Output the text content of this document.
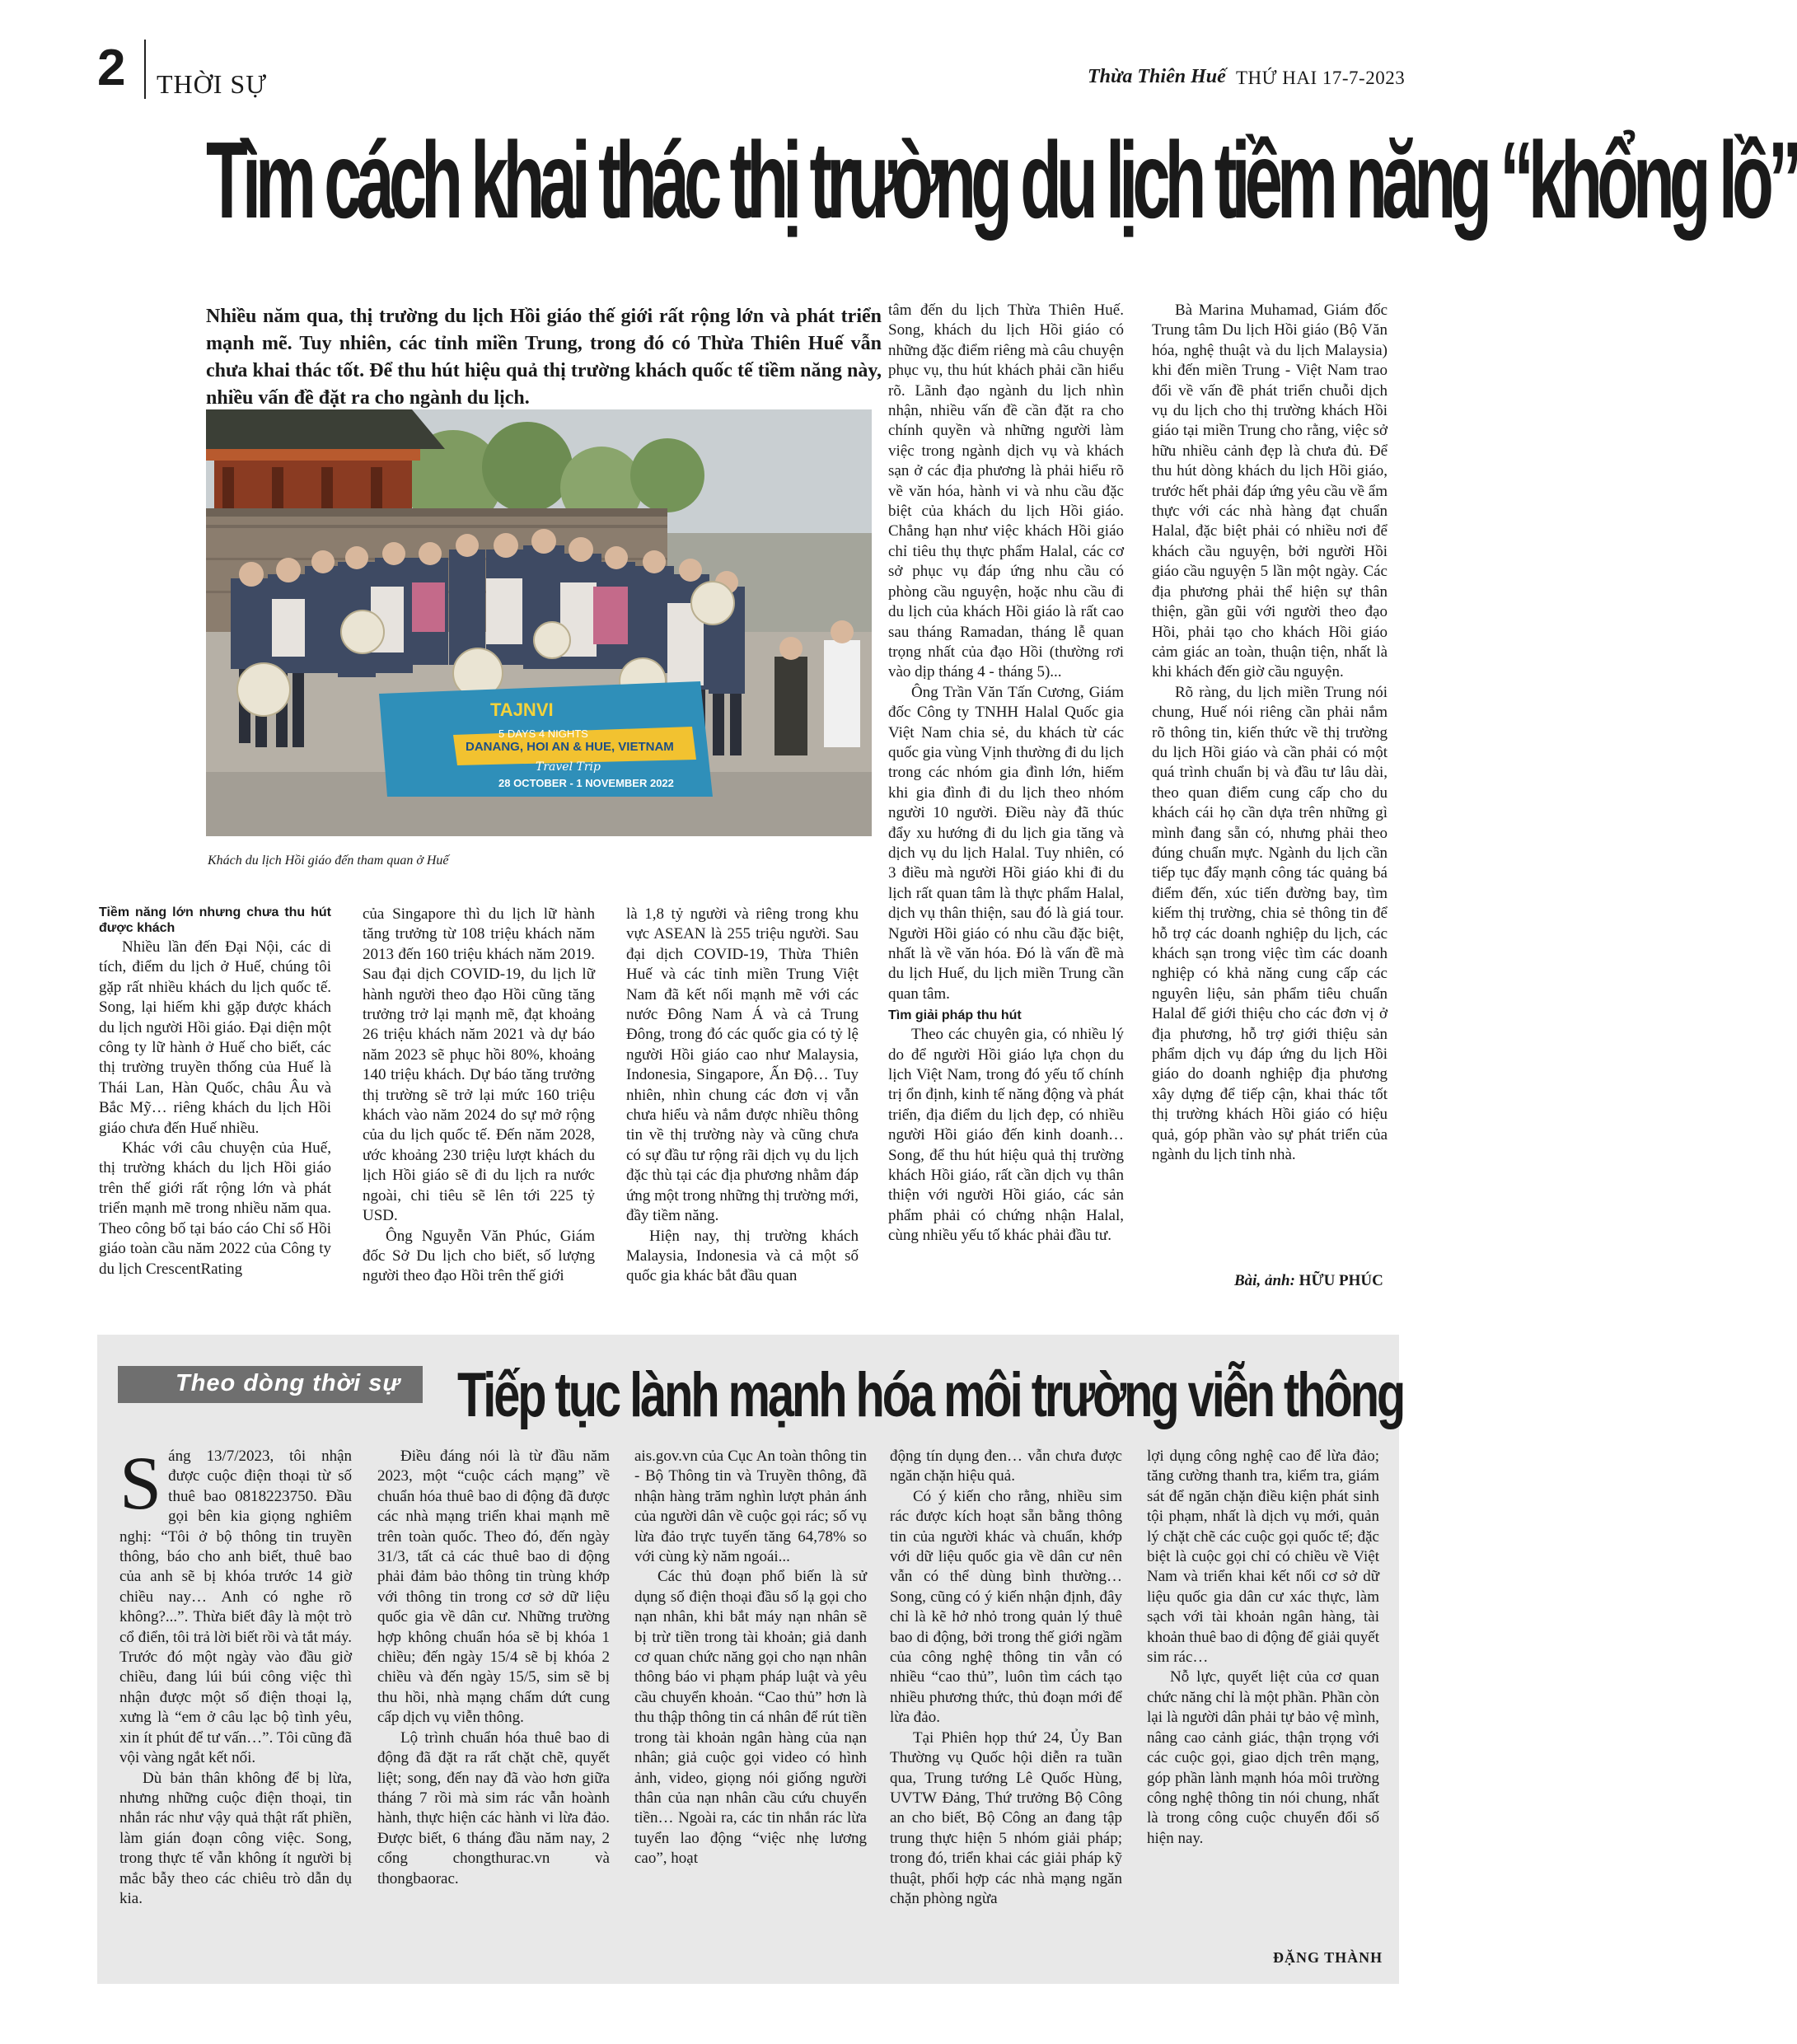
2 THỜI SỰ	Thừa Thiên Huế THỨ HAI 17-7-2023
Tìm cách khai thác thị trường du lịch tiềm năng “khổng lồ”
Nhiều năm qua, thị trường du lịch Hồi giáo thế giới rất rộng lớn và phát triển mạnh mẽ. Tuy nhiên, các tỉnh miền Trung, trong đó có Thừa Thiên Huế vẫn chưa khai thác tốt. Để thu hút hiệu quả thị trường khách quốc tế tiềm năng này, nhiều vấn đề đặt ra cho ngành du lịch.
TAJNVI
5 DAYS 4 NIGHTS
DANANG, HOI AN & HUE, VIETNAM
Travel Trip
28 OCTOBER - 1 NOVEMBER 2022
Khách du lịch Hồi giáo đến tham quan ở Huế
Tiềm năng lớn nhưng chưa thu hút được khách

Nhiều lần đến Đại Nội, các di tích, điểm du lịch ở Huế, chúng tôi gặp rất nhiều khách du lịch quốc tế. Song, lại hiếm khi gặp được khách du lịch người Hồi giáo. Đại diện một công ty lữ hành ở Huế cho biết, các thị trường truyền thống của Huế là Thái Lan, Hàn Quốc, châu Âu và Bắc Mỹ… riêng khách du lịch Hồi giáo chưa đến Huế nhiều.

Khác với câu chuyện của Huế, thị trường khách du lịch Hồi giáo trên thế giới rất rộng lớn và phát triển mạnh mẽ trong nhiều năm qua. Theo công bố tại báo cáo Chỉ số Hồi giáo toàn cầu năm 2022 của Công ty du lịch CrescentRating

của Singapore thì du lịch lữ hành tăng trưởng từ 108 triệu khách năm 2013 đến 160 triệu khách năm 2019. Sau đại dịch COVID-19, du lịch lữ hành người theo đạo Hồi cũng tăng trưởng trở lại mạnh mẽ, đạt khoảng 26 triệu khách năm 2021 và dự báo năm 2023 sẽ phục hồi 80%, khoảng 140 triệu khách. Dự báo tăng trưởng thị trường sẽ trở lại mức 160 triệu khách vào năm 2024 do sự mở rộng của du lịch quốc tế. Đến năm 2028, ước khoảng 230 triệu lượt khách du lịch Hồi giáo sẽ đi du lịch ra nước ngoài, chi tiêu sẽ lên tới 225 tỷ USD.

Ông Nguyễn Văn Phúc, Giám đốc Sở Du lịch cho biết, số lượng người theo đạo Hồi trên thế giới

là 1,8 tỷ người và riêng trong khu vực ASEAN là 255 triệu người. Sau đại dịch COVID-19, Thừa Thiên Huế và các tỉnh miền Trung Việt Nam đã kết nối mạnh mẽ với các nước Đông Nam Á và cả Trung Đông, trong đó các quốc gia có tỷ lệ người Hồi giáo cao như Malaysia, Indonesia, Singapore, Ấn Độ… Tuy nhiên, nhìn chung các đơn vị vẫn chưa hiểu và nắm được nhiều thông tin về thị trường này và cũng chưa có sự đầu tư rộng rãi dịch vụ du lịch đặc thù tại các địa phương nhằm đáp ứng một trong những thị trường mới, đầy tiềm năng.

Hiện nay, thị trường khách Malaysia, Indonesia và cả một số quốc gia khác bắt đầu quan

tâm đến du lịch Thừa Thiên Huế. Song, khách du lịch Hồi giáo có những đặc điểm riêng mà câu chuyện phục vụ, thu hút khách phải cần hiểu rõ. Lãnh đạo ngành du lịch nhìn nhận, nhiều vấn đề cần đặt ra cho chính quyền và những người làm việc trong ngành dịch vụ và khách sạn ở các địa phương là phải hiểu rõ về văn hóa, hành vi và nhu cầu đặc biệt của khách du lịch Hồi giáo. Chẳng hạn như việc khách Hồi giáo chỉ tiêu thụ thực phẩm Halal, các cơ sở phục vụ đáp ứng nhu cầu có phòng cầu nguyện, hoặc nhu cầu đi du lịch của khách Hồi giáo là rất cao sau tháng Ramadan, tháng lễ quan trọng nhất của đạo Hồi (thường rơi vào dịp tháng 4 - tháng 5)...

Ông Trần Văn Tấn Cương, Giám đốc Công ty TNHH Halal Quốc gia Việt Nam chia sẻ, du khách từ các quốc gia vùng Vịnh thường đi du lịch trong các nhóm gia đình lớn, hiếm khi gia đình đi du lịch theo nhóm người 10 người. Điều này đã thúc đẩy xu hướng đi du lịch gia tăng và dịch vụ du lịch Halal. Tuy nhiên, có 3 điều mà người Hồi giáo khi đi du lịch rất quan tâm là thực phẩm Halal, dịch vụ thân thiện, sau đó là giá tour. Người Hồi giáo có nhu cầu đặc biệt, nhất là về văn hóa. Đó là vấn đề mà du lịch Huế, du lịch miền Trung cần quan tâm.

Tìm giải pháp thu hút

Theo các chuyên gia, có nhiều lý do để người Hồi giáo lựa chọn du lịch Việt Nam, trong đó yếu tố chính trị ổn định, kinh tế năng động và phát triển, địa điểm du lịch đẹp, có nhiều người Hồi giáo đến kinh doanh… Song, để thu hút hiệu quả thị trường khách Hồi giáo, rất cần dịch vụ thân thiện với người Hồi giáo, các sản phẩm phải có chứng nhận Halal, cùng nhiều yếu tố khác phải đầu tư.

Bà Marina Muhamad, Giám đốc Trung tâm Du lịch Hồi giáo (Bộ Văn hóa, nghệ thuật và du lịch Malaysia) khi đến miền Trung - Việt Nam trao đổi về vấn đề phát triển chuỗi dịch vụ du lịch cho thị trường khách Hồi giáo tại miền Trung cho rằng, việc sở hữu nhiều cảnh đẹp là chưa đủ. Để thu hút dòng khách du lịch Hồi giáo, trước hết phải đáp ứng yêu cầu về ẩm thực với các nhà hàng đạt chuẩn Halal, đặc biệt phải có nhiều nơi để khách cầu nguyện, bởi người Hồi giáo cầu nguyện 5 lần một ngày. Các địa phương phải thể hiện sự thân thiện, gần gũi với người theo đạo Hồi, phải tạo cho khách Hồi giáo cảm giác an toàn, thuận tiện, nhất là khi khách đến giờ cầu nguyện.

Rõ ràng, du lịch miền Trung nói chung, Huế nói riêng cần phải nắm rõ thông tin, kiến thức về thị trường du lịch Hồi giáo và cần phải có một quá trình chuẩn bị và đầu tư lâu dài, theo quan điểm cung cấp cho du khách cái họ cần dựa trên những gì mình đang sẵn có, nhưng phải theo đúng chuẩn mực. Ngành du lịch cần tiếp tục đẩy mạnh công tác quảng bá điểm đến, xúc tiến đường bay, tìm kiếm thị trường, chia sẻ thông tin để hỗ trợ các doanh nghiệp du lịch, các khách sạn trong việc tìm các doanh nghiệp có khả năng cung cấp các nguyên liệu, sản phẩm tiêu chuẩn Halal để giới thiệu cho các đơn vị ở địa phương, hỗ trợ giới thiệu sản phẩm dịch vụ đáp ứng du lịch Hồi giáo do doanh nghiệp địa phương xây dựng để tiếp cận, khai thác tốt thị trường khách Hồi giáo có hiệu quả, góp phần vào sự phát triển của ngành du lịch tỉnh nhà.

Bài, ảnh: HỮU PHÚC
Theo dòng thời sự Tiếp tục lành mạnh hóa môi trường viễn thông

Sáng 13/7/2023, tôi nhận được cuộc điện thoại từ số thuê bao 0818223750. Đầu gọi bên kia giọng nghiêm nghị: “Tôi ở bộ thông tin truyền thông, báo cho anh biết, thuê bao của anh sẽ bị khóa trước 14 giờ chiều nay… Anh có nghe rõ không?...”. Thừa biết đây là một trò cổ điển, tôi trả lời biết rồi và tắt máy. Trước đó một ngày vào đầu giờ chiều, đang lúi búi công việc thì nhận được một số điện thoại lạ, xưng là “em ở câu lạc bộ tình yêu, xin ít phút để tư vấn…”. Tôi cũng đã vội vàng ngắt kết nối.

Dù bản thân không để bị lừa, nhưng những cuộc điện thoại, tin nhắn rác như vậy quả thật rất phiền, làm gián đoạn công việc. Song, trong thực tế vẫn không ít người bị mắc bẫy theo các chiêu trò dẫn dụ kia.

Điều đáng nói là từ đầu năm 2023, một “cuộc cách mạng” về chuẩn hóa thuê bao di động đã được các nhà mạng triển khai mạnh mẽ trên toàn quốc. Theo đó, đến ngày 31/3, tất cả các thuê bao di động phải đảm bảo thông tin trùng khớp với thông tin trong cơ sở dữ liệu quốc gia về dân cư. Những trường hợp không chuẩn hóa sẽ bị khóa 1 chiều; đến ngày 15/4 sẽ bị khóa 2 chiều và đến ngày 15/5, sim sẽ bị thu hồi, nhà mạng chấm dứt cung cấp dịch vụ viễn thông.

Lộ trình chuẩn hóa thuê bao di động đã đặt ra rất chặt chẽ, quyết liệt; song, đến nay đã vào hơn giữa tháng 7 rồi mà sim rác vẫn hoành hành, thực hiện các hành vi lừa đảo. Được biết, 6 tháng đầu năm nay, 2 cổng chongthurac.vn và thongbaorac.

ais.gov.vn của Cục An toàn thông tin - Bộ Thông tin và Truyền thông, đã nhận hàng trăm nghìn lượt phản ánh của người dân về cuộc gọi rác; số vụ lừa đảo trực tuyến tăng 64,78% so với cùng kỳ năm ngoái...

Các thủ đoạn phổ biến là sử dụng số điện thoại đầu số lạ gọi cho nạn nhân, khi bắt máy nạn nhân sẽ bị trừ tiền trong tài khoản; giả danh cơ quan chức năng gọi cho nạn nhân thông báo vi phạm pháp luật và yêu cầu chuyển khoản. “Cao thủ” hơn là thu thập thông tin cá nhân để rút tiền trong tài khoản ngân hàng của nạn nhân; giả cuộc gọi video có hình ảnh, video, giọng nói giống người thân của nạn nhân cầu cứu chuyển tiền… Ngoài ra, các tin nhắn rác lừa tuyển lao động “việc nhẹ lương cao”, hoạt

động tín dụng đen… vẫn chưa được ngăn chặn hiệu quả.

Có ý kiến cho rằng, nhiều sim rác được kích hoạt sẵn bằng thông tin của người khác và chuẩn, khớp với dữ liệu quốc gia về dân cư nên vẫn có thể dùng bình thường… Song, cũng có ý kiến nhận định, đây chỉ là kẽ hở nhỏ trong quản lý thuê bao di động, bởi trong thế giới ngầm của công nghệ thông tin vẫn có nhiều “cao thủ”, luôn tìm cách tạo nhiều phương thức, thủ đoạn mới để lừa đảo.

Tại Phiên họp thứ 24, Ủy Ban Thường vụ Quốc hội diễn ra tuần qua, Trung tướng Lê Quốc Hùng, UVTW Đảng, Thứ trưởng Bộ Công an cho biết, Bộ Công an đang tập trung thực hiện 5 nhóm giải pháp; trong đó, triển khai các giải pháp kỹ thuật, phối hợp các nhà mạng ngăn chặn phòng ngừa

lợi dụng công nghệ cao để lừa đảo; tăng cường thanh tra, kiểm tra, giám sát để ngăn chặn điều kiện phát sinh tội phạm, nhất là dịch vụ mới, quản lý chặt chẽ các cuộc gọi quốc tế; đặc biệt là cuộc gọi chỉ có chiều về Việt Nam và triển khai kết nối cơ sở dữ liệu quốc gia dân cư xác thực, làm sạch với tài khoản ngân hàng, tài khoản thuê bao di động để giải quyết sim rác…

Nỗ lực, quyết liệt của cơ quan chức năng chỉ là một phần. Phần còn lại là người dân phải tự bảo vệ mình, nâng cao cảnh giác, thận trọng với các cuộc gọi, giao dịch trên mạng, góp phần lành mạnh hóa môi trường công nghệ thông tin nói chung, nhất là trong công cuộc chuyển đổi số hiện nay.

ĐẶNG THÀNH
